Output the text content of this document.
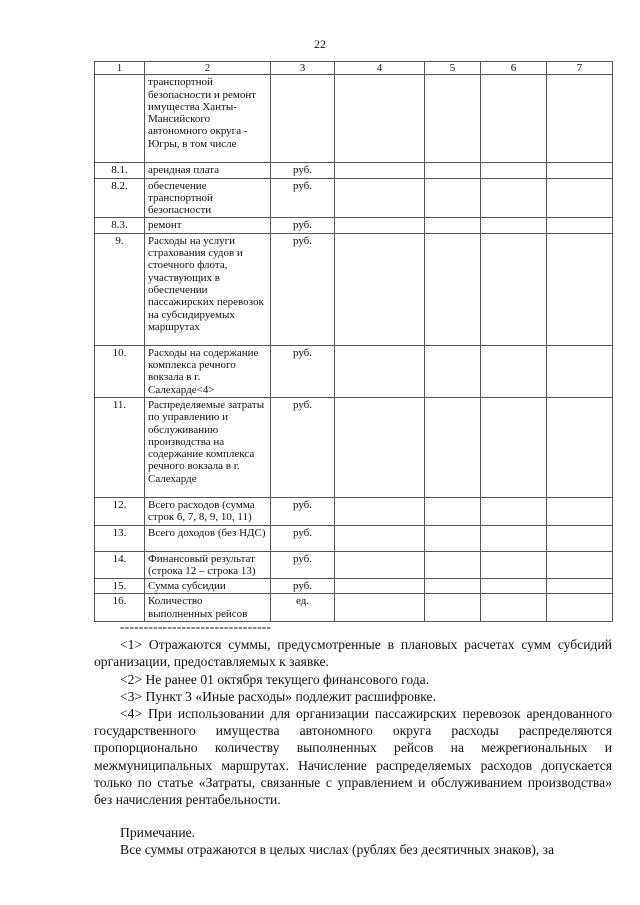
22
1	2	3	4	5	6	7
	транспортной безопасности и ремонт имущества Ханты-Мансийского автономного округа - Югры, в том числе					
8.1.	арендная плата	руб.				
8.2.	обеспечение транспортной безопасности	руб.				
8.3.	ремонт	руб.				
9.	Расходы на услуги страхования судов и стоечного флота, участвующих в обеспечении пассажирских перевозок на субсидируемых маршрутах	руб.				
10.	Расходы на содержание комплекса речного вокзала в г. Салехарде<4>	руб.				
11.	Распределяемые затраты по управлению и обслуживанию производства на содержание комплекса речного вокзала в г. Салехарде	руб.				
12.	Всего расходов (сумма строк 6, 7, 8, 9, 10, 11)	руб.				
13.	Всего доходов (без НДС)	руб.				
14.	Финансовый результат (строка 12 – строка 13)	руб.				
15.	Сумма субсидии	руб.				
16.	Количество выполненных рейсов	ед.				
--------------------------------

<1> Отражаются суммы, предусмотренные в плановых расчетах сумм субсидий организации, предоставляемых к заявке.

<2> Не ранее 01 октября текущего финансового года.

<3> Пункт 3 «Иные расходы» подлежит расшифровке.

<4> При использовании для организации пассажирских перевозок арендованного государственного имущества автономного округа расходы распределяются пропорционально количеству выполненных рейсов на межрегиональных и межмуниципальных маршрутах. Начисление распределяемых расходов допускается только по статье «Затраты, связанные с управлением и обслуживанием производства» без начисления рентабельности.

Примечание.

Все суммы отражаются в целых числах (рублях без десятичных знаков), за
